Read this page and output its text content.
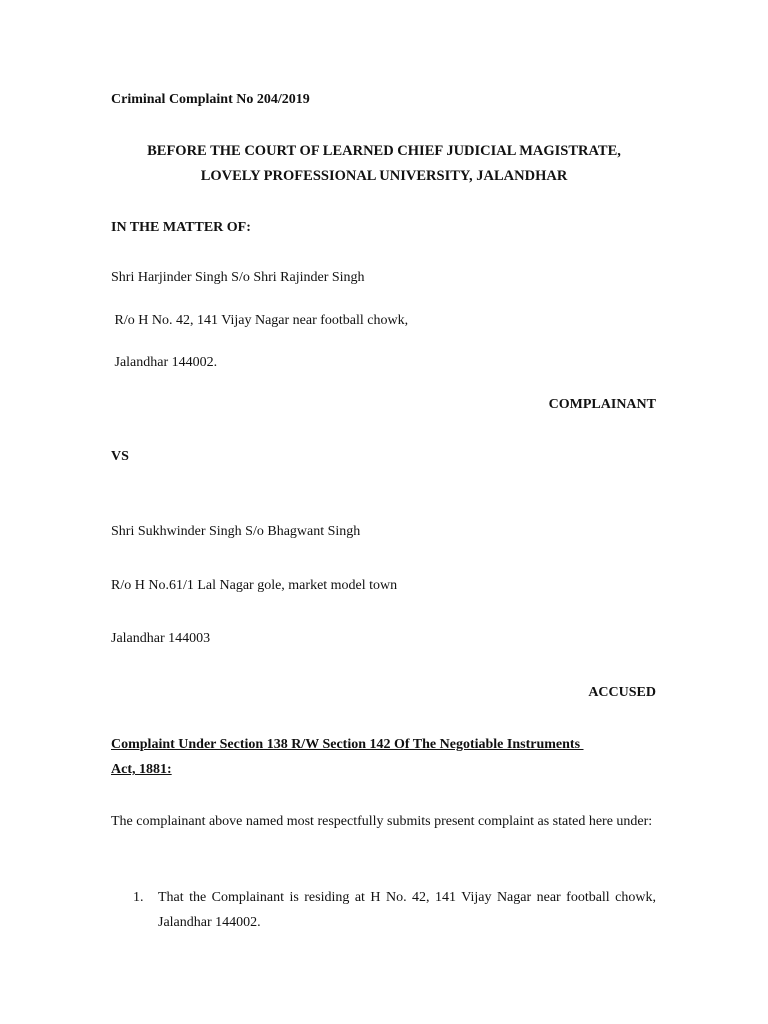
Criminal Complaint No 204/2019
BEFORE THE COURT OF LEARNED CHIEF JUDICIAL MAGISTRATE,
LOVELY PROFESSIONAL UNIVERSITY, JALANDHAR
IN THE MATTER OF:
Shri Harjinder Singh S/o Shri Rajinder Singh
R/o H No. 42, 141 Vijay Nagar near football chowk,
Jalandhar 144002.
COMPLAINANT
VS
Shri Sukhwinder Singh S/o Bhagwant Singh
R/o H No.61/1 Lal Nagar gole, market model town
Jalandhar 144003
ACCUSED
Complaint Under Section 138 R/W Section 142 Of The Negotiable Instruments
Act, 1881:
The complainant above named most respectfully submits present complaint as stated here under:
1. That the Complainant is residing at H No. 42, 141 Vijay Nagar near football chowk, Jalandhar 144002.
